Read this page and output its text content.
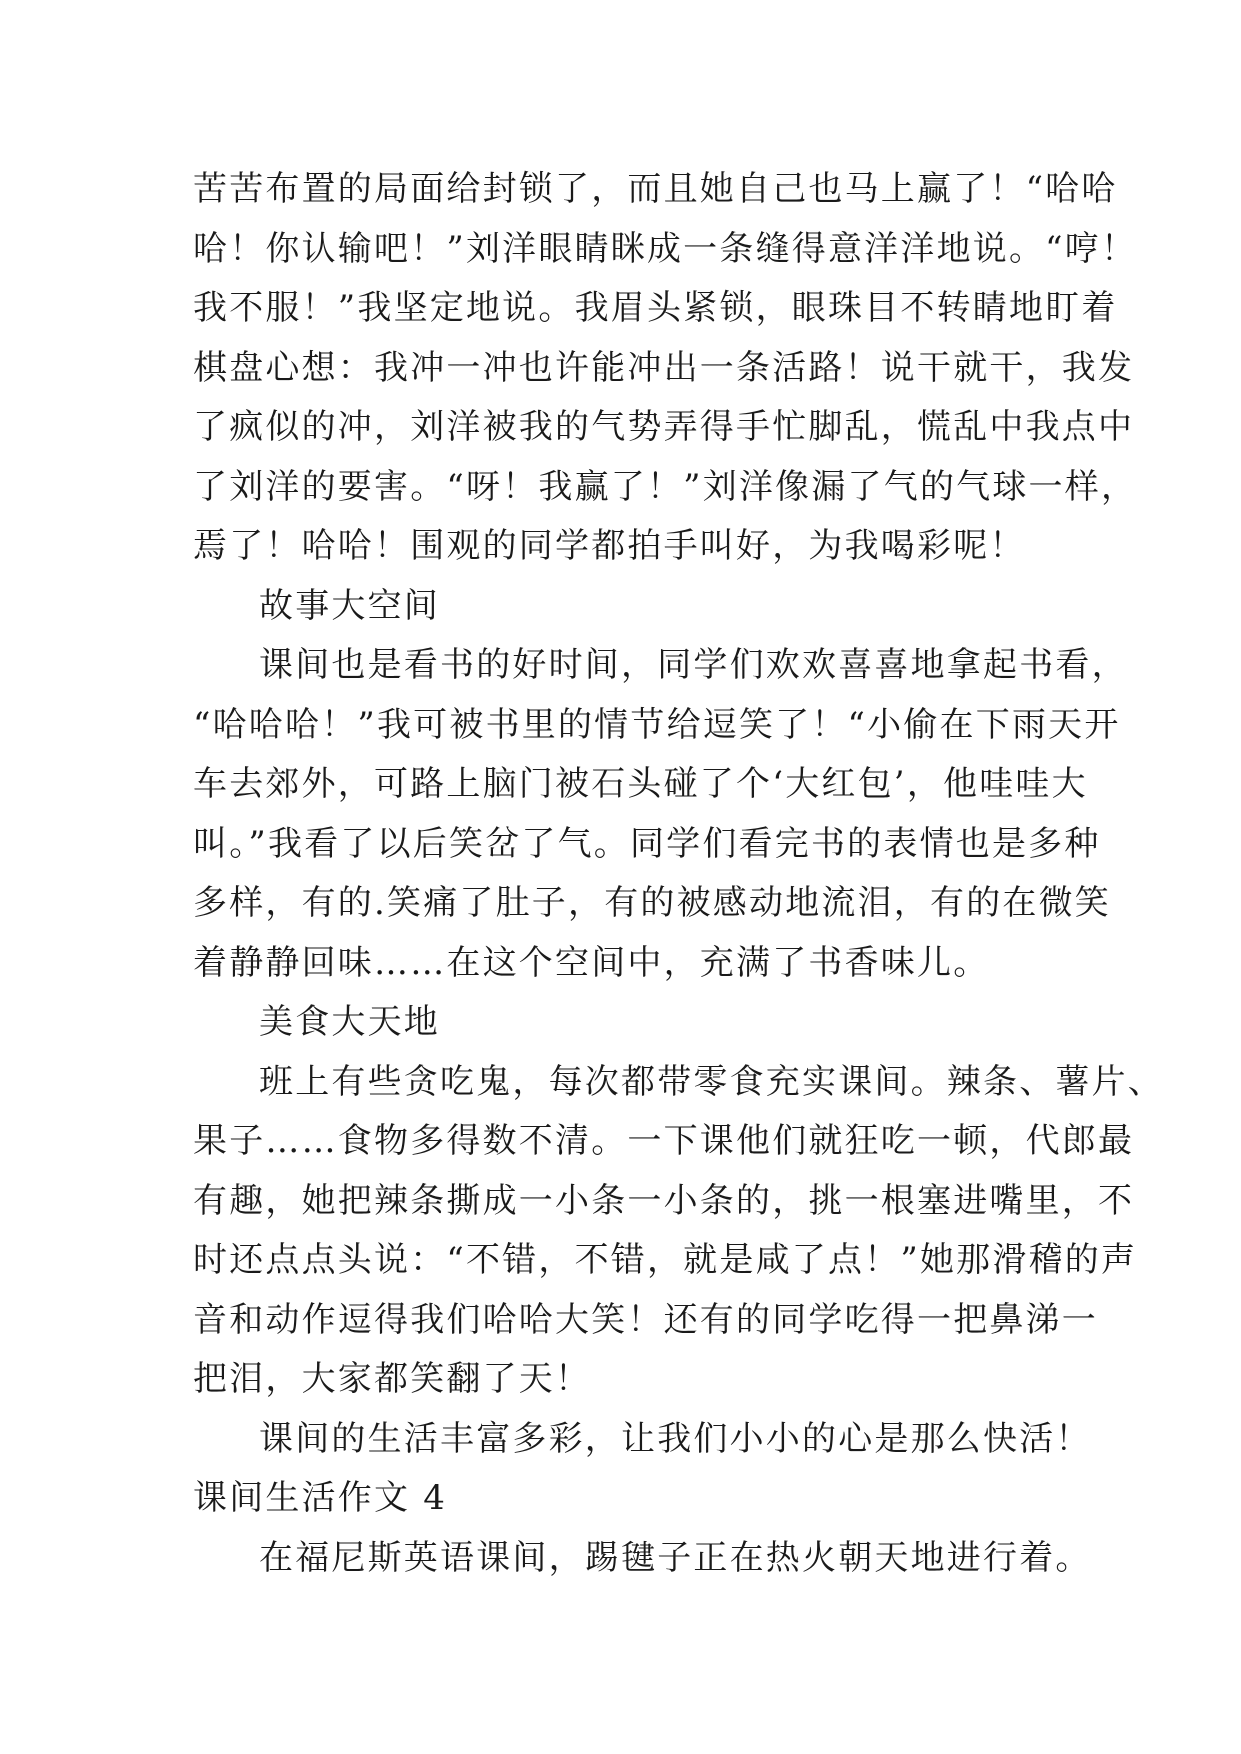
苦苦布置的局面给封锁了，而且她自己也马上赢了！“哈哈
哈！你认输吧！”刘洋眼睛眯成一条缝得意洋洋地说。“哼！
我不服！”我坚定地说。我眉头紧锁，眼珠目不转睛地盯着
棋盘心想：我冲一冲也许能冲出一条活路！说干就干，我发
了疯似的冲，刘洋被我的气势弄得手忙脚乱，慌乱中我点中
了刘洋的要害。“呀！我赢了！”刘洋像漏了气的气球一样，
焉了！哈哈！围观的同学都拍手叫好，为我喝彩呢！
故事大空间
课间也是看书的好时间，同学们欢欢喜喜地拿起书看，
“哈哈哈！”我可被书里的情节给逗笑了！“小偷在下雨天开
车去郊外，可路上脑门被石头碰了个‘大红包’，他哇哇大
叫。”我看了以后笑岔了气。同学们看完书的表情也是多种
多样，有的.笑痛了肚子，有的被感动地流泪，有的在微笑
着静静回味……在这个空间中，充满了书香味儿。
美食大天地
班上有些贪吃鬼，每次都带零食充实课间。辣条、薯片、
果子……食物多得数不清。一下课他们就狂吃一顿，代郎最
有趣，她把辣条撕成一小条一小条的，挑一根塞进嘴里，不
时还点点头说：“不错，不错，就是咸了点！”她那滑稽的声
音和动作逗得我们哈哈大笑！还有的同学吃得一把鼻涕一
把泪，大家都笑翻了天！
课间的生活丰富多彩，让我们小小的心是那么快活！
课间生活作文 4
在福尼斯英语课间，踢毽子正在热火朝天地进行着。
